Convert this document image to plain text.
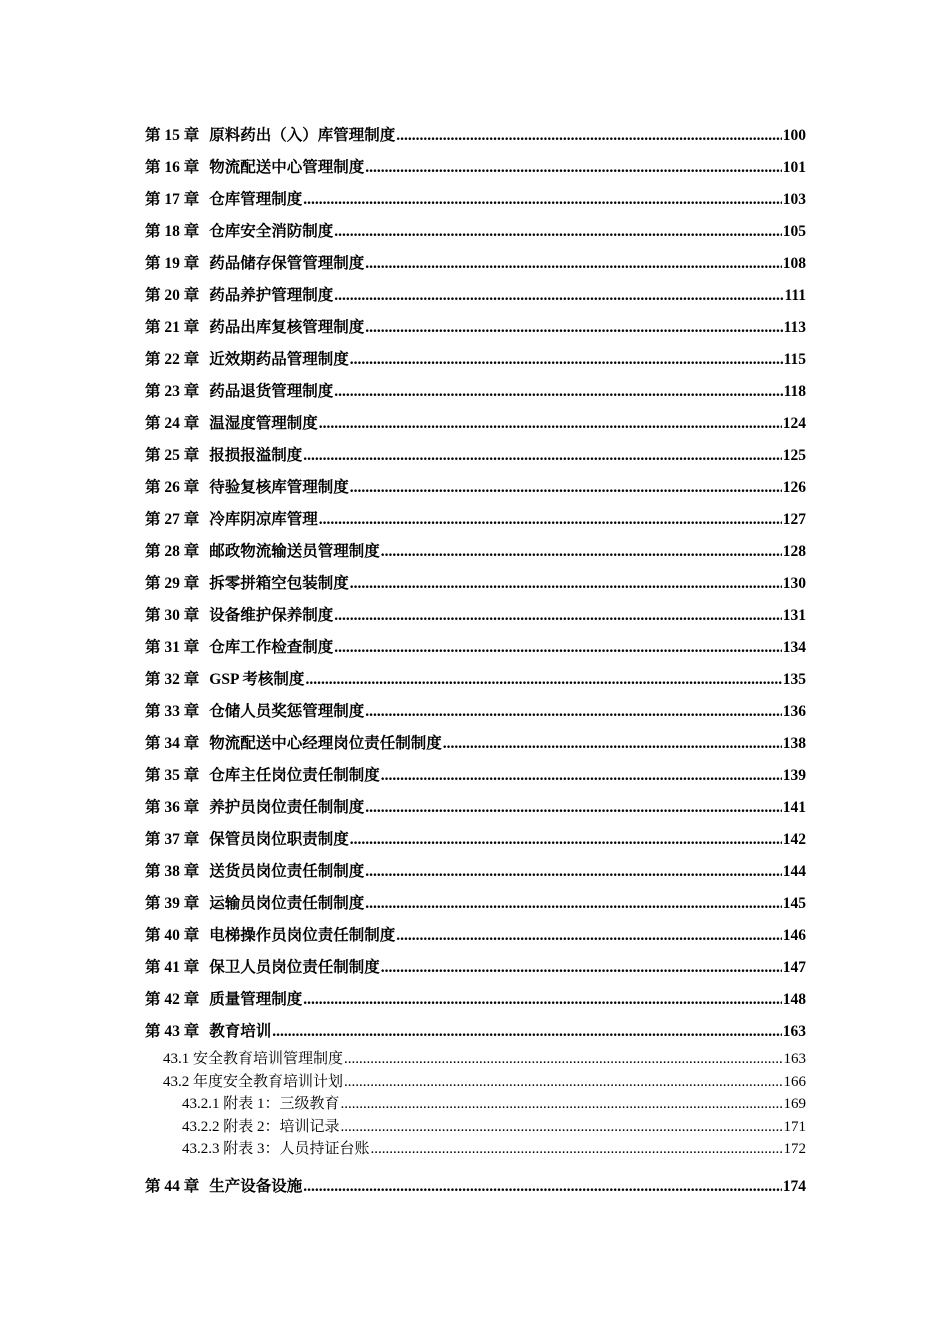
第 15 章 原料药出（入）库管理制度 .....	100
第 16 章 物流配送中心管理制度 .....	101
第 17 章 仓库管理制度 .....	103
第 18 章 仓库安全消防制度 .....	105
第 19 章 药品储存保管管理制度 .....	108
第 20 章 药品养护管理制度 .....	111
第 21 章 药品出库复核管理制度 .....	113
第 22 章 近效期药品管理制度 .....	115
第 23 章 药品退货管理制度 .....	118
第 24 章 温湿度管理制度 .....	124
第 25 章 报损报溢制度 .....	125
第 26 章 待验复核库管理制度 .....	126
第 27 章 冷库阴凉库管理 .....	127
第 28 章 邮政物流输送员管理制度 .....	128
第 29 章 拆零拼箱空包装制度 .....	130
第 30 章 设备维护保养制度 .....	131
第 31 章 仓库工作检查制度 .....	134
第 32 章 GSP 考核制度 .....	135
第 33 章 仓储人员奖惩管理制度 .....	136
第 34 章 物流配送中心经理岗位责任制制度 .....	138
第 35 章 仓库主任岗位责任制制度 .....	139
第 36 章 养护员岗位责任制制度 .....	141
第 37 章 保管员岗位职责制度 .....	142
第 38 章 送货员岗位责任制制度 .....	144
第 39 章 运输员岗位责任制制度 .....	145
第 40 章 电梯操作员岗位责任制制度 .....	146
第 41 章 保卫人员岗位责任制制度 .....	147
第 42 章 质量管理制度 .....	148
第 43 章 教育培训 .....	163
43.1 安全教育培训管理制度 .....	163
43.2 年度安全教育培训计划 .....	166
43.2.1 附表 1：三级教育 .....	169
43.2.2 附表 2：培训记录 .....	171
43.2.3 附表 3：人员持证台账 .....	172
第 44 章 生产设备设施 .....	174
